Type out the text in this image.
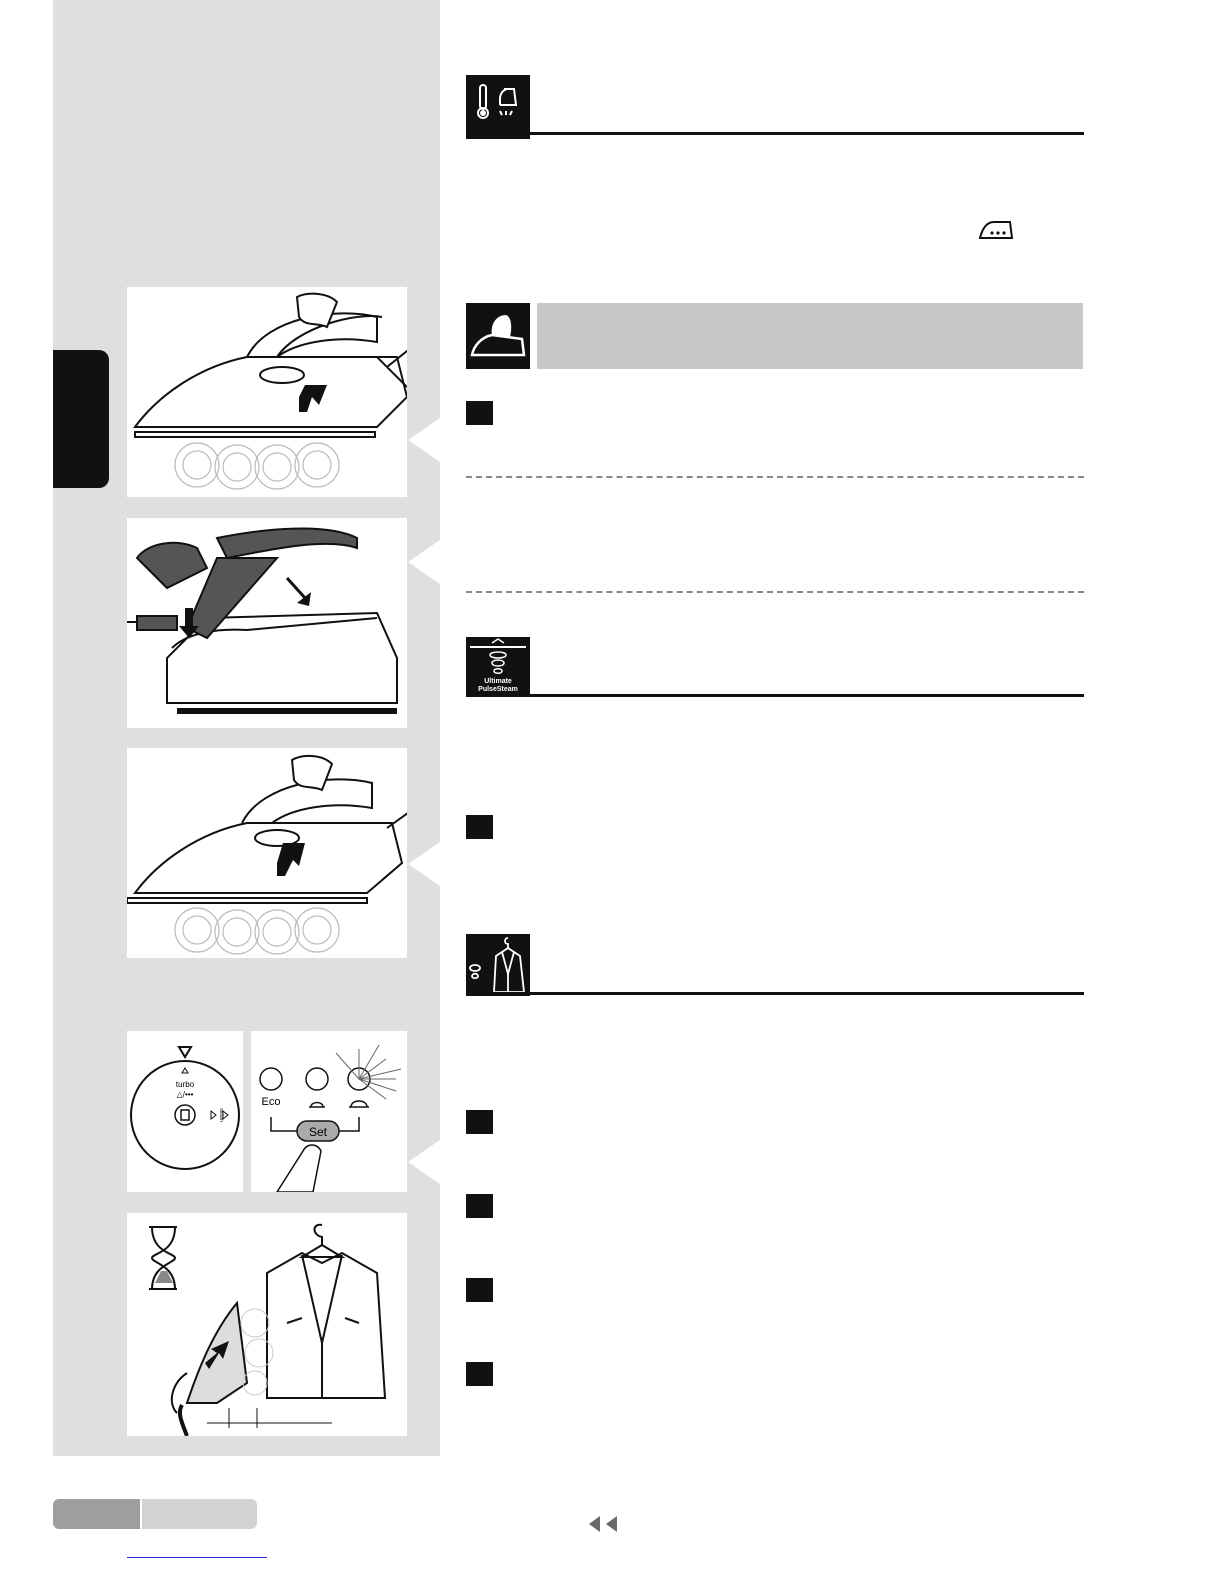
turbo
△/•••
steam
Eco
Set
Ultimate
PulseSteam
